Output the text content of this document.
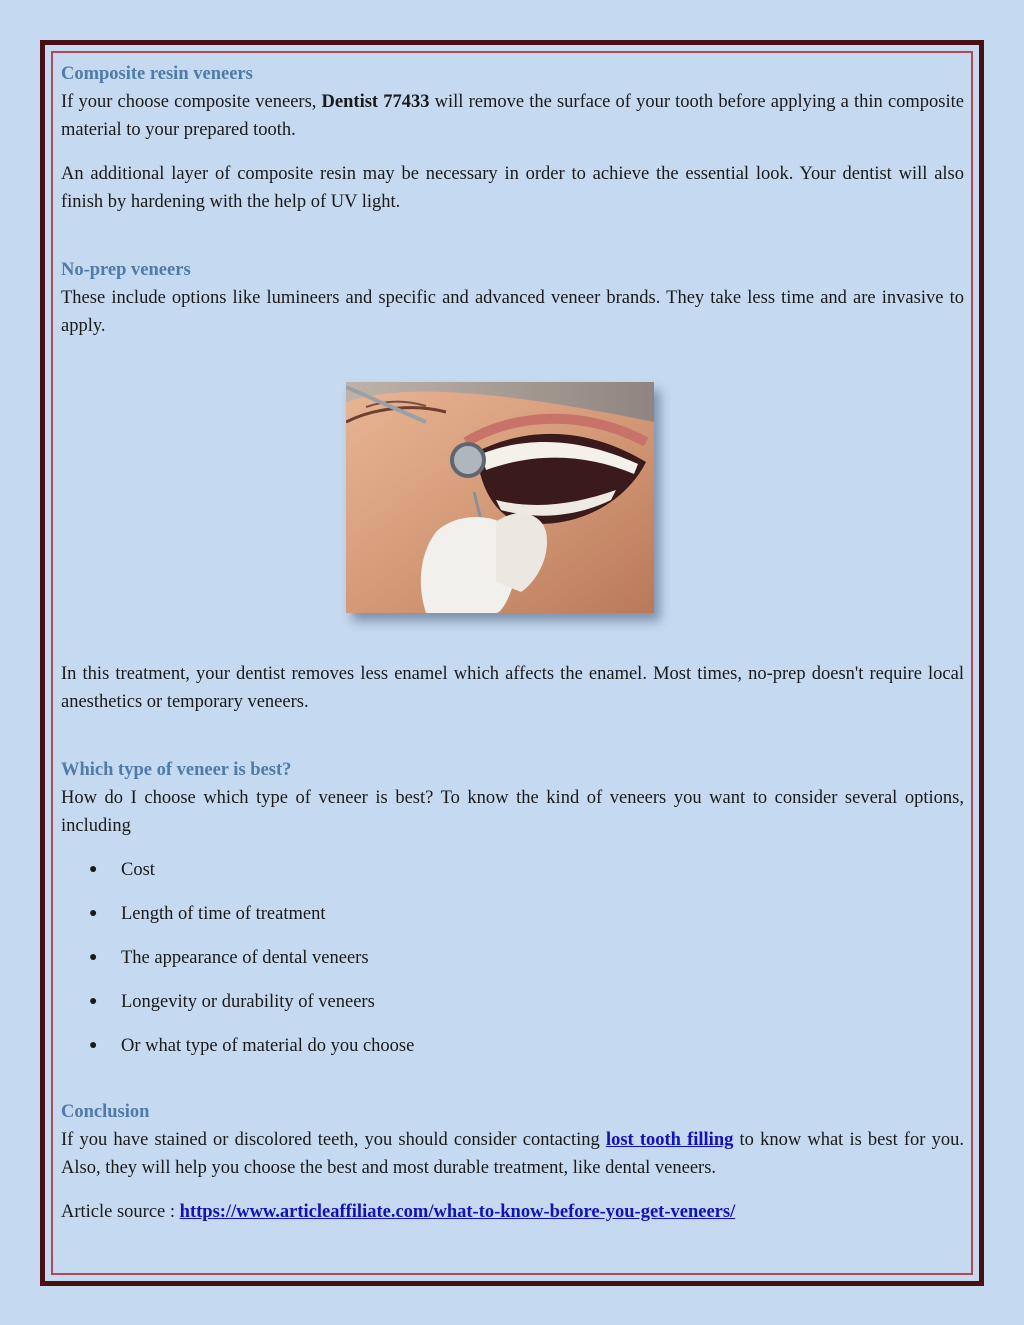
Composite resin veneers

If your choose composite veneers, Dentist 77433 will remove the surface of your tooth before applying a thin composite material to your prepared tooth.

An additional layer of composite resin may be necessary in order to achieve the essential look. Your dentist will also finish by hardening with the help of UV light.

No-prep veneers

These include options like lumineers and specific and advanced veneer brands. They take less time and are invasive to apply.

In this treatment, your dentist removes less enamel which affects the enamel. Most times, no-prep doesn't require local anesthetics or temporary veneers.

Which type of veneer is best?

How do I choose which type of veneer is best? To know the kind of veneers you want to consider several options, including

● Cost
● Length of time of treatment
● The appearance of dental veneers
● Longevity or durability of veneers
● Or what type of material do you choose
Conclusion

If you have stained or discolored teeth, you should consider contacting lost tooth filling to know what is best for you. Also, they will help you choose the best and most durable treatment, like dental veneers.

Article source : https://www.articleaffiliate.com/what-to-know-before-you-get-veneers/
